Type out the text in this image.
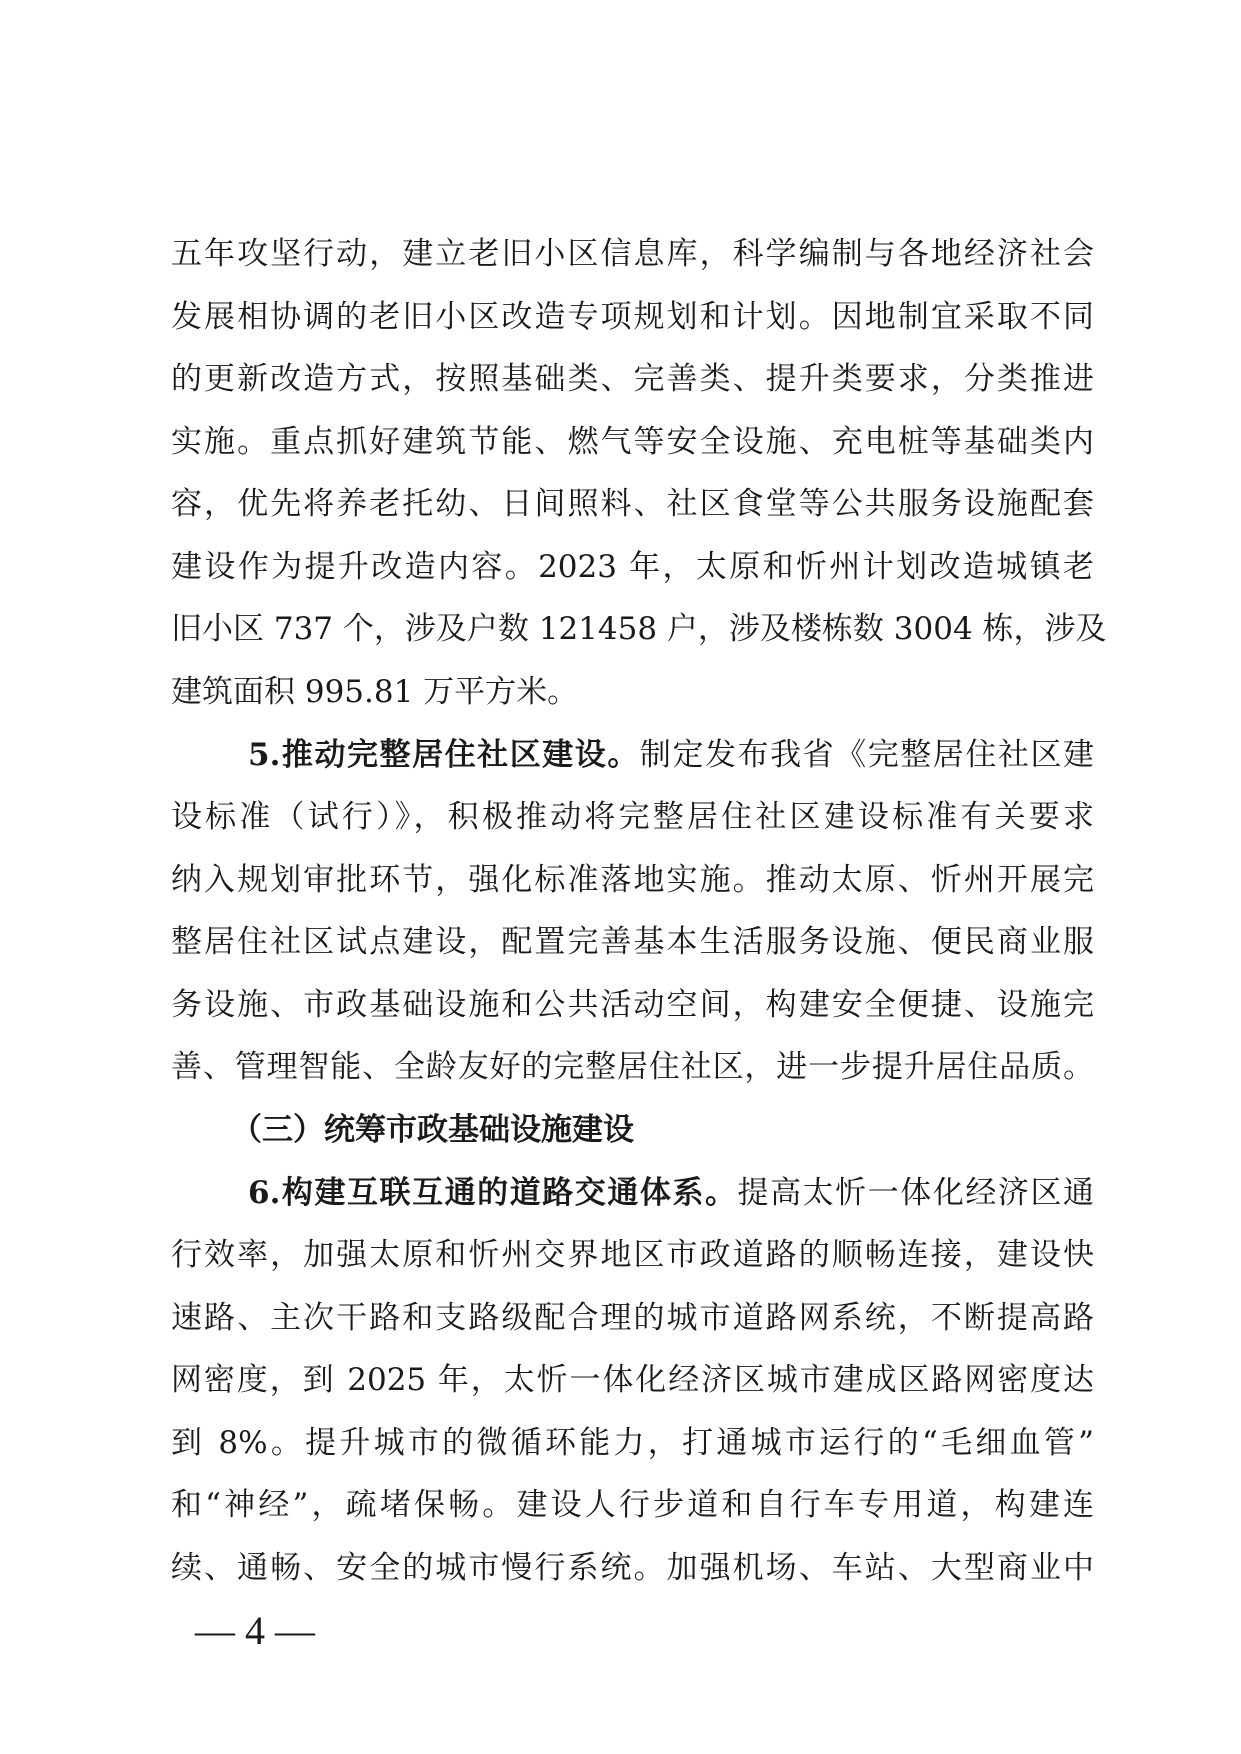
五年攻坚行动，建立老旧小区信息库，科学编制与各地经济社会
发展相协调的老旧小区改造专项规划和计划。因地制宜采取不同
的更新改造方式，按照基础类、完善类、提升类要求，分类推进
实施。重点抓好建筑节能、燃气等安全设施、充电桩等基础类内
容，优先将养老托幼、日间照料、社区食堂等公共服务设施配套
建设作为提升改造内容。2023 年，太原和忻州计划改造城镇老
旧小区 737 个，涉及户数 121458 户，涉及楼栋数 3004 栋，涉及
建筑面积 995.81 万平方米。
5.推动完整居住社区建设。制定发布我省《完整居住社区建
设标准（试行）》，积极推动将完整居住社区建设标准有关要求
纳入规划审批环节，强化标准落地实施。推动太原、忻州开展完
整居住社区试点建设，配置完善基本生活服务设施、便民商业服
务设施、市政基础设施和公共活动空间，构建安全便捷、设施完
善、管理智能、全龄友好的完整居住社区，进一步提升居住品质。
（三）统筹市政基础设施建设
6.构建互联互通的道路交通体系。提高太忻一体化经济区通
行效率，加强太原和忻州交界地区市政道路的顺畅连接，建设快
速路、主次干路和支路级配合理的城市道路网系统，不断提高路
网密度，到 2025 年，太忻一体化经济区城市建成区路网密度达
到 8%。提升城市的微循环能力，打通城市运行的“毛细血管”
和“神经”，疏堵保畅。建设人行步道和自行车专用道，构建连
续、通畅、安全的城市慢行系统。加强机场、车站、大型商业中
— 4 —
